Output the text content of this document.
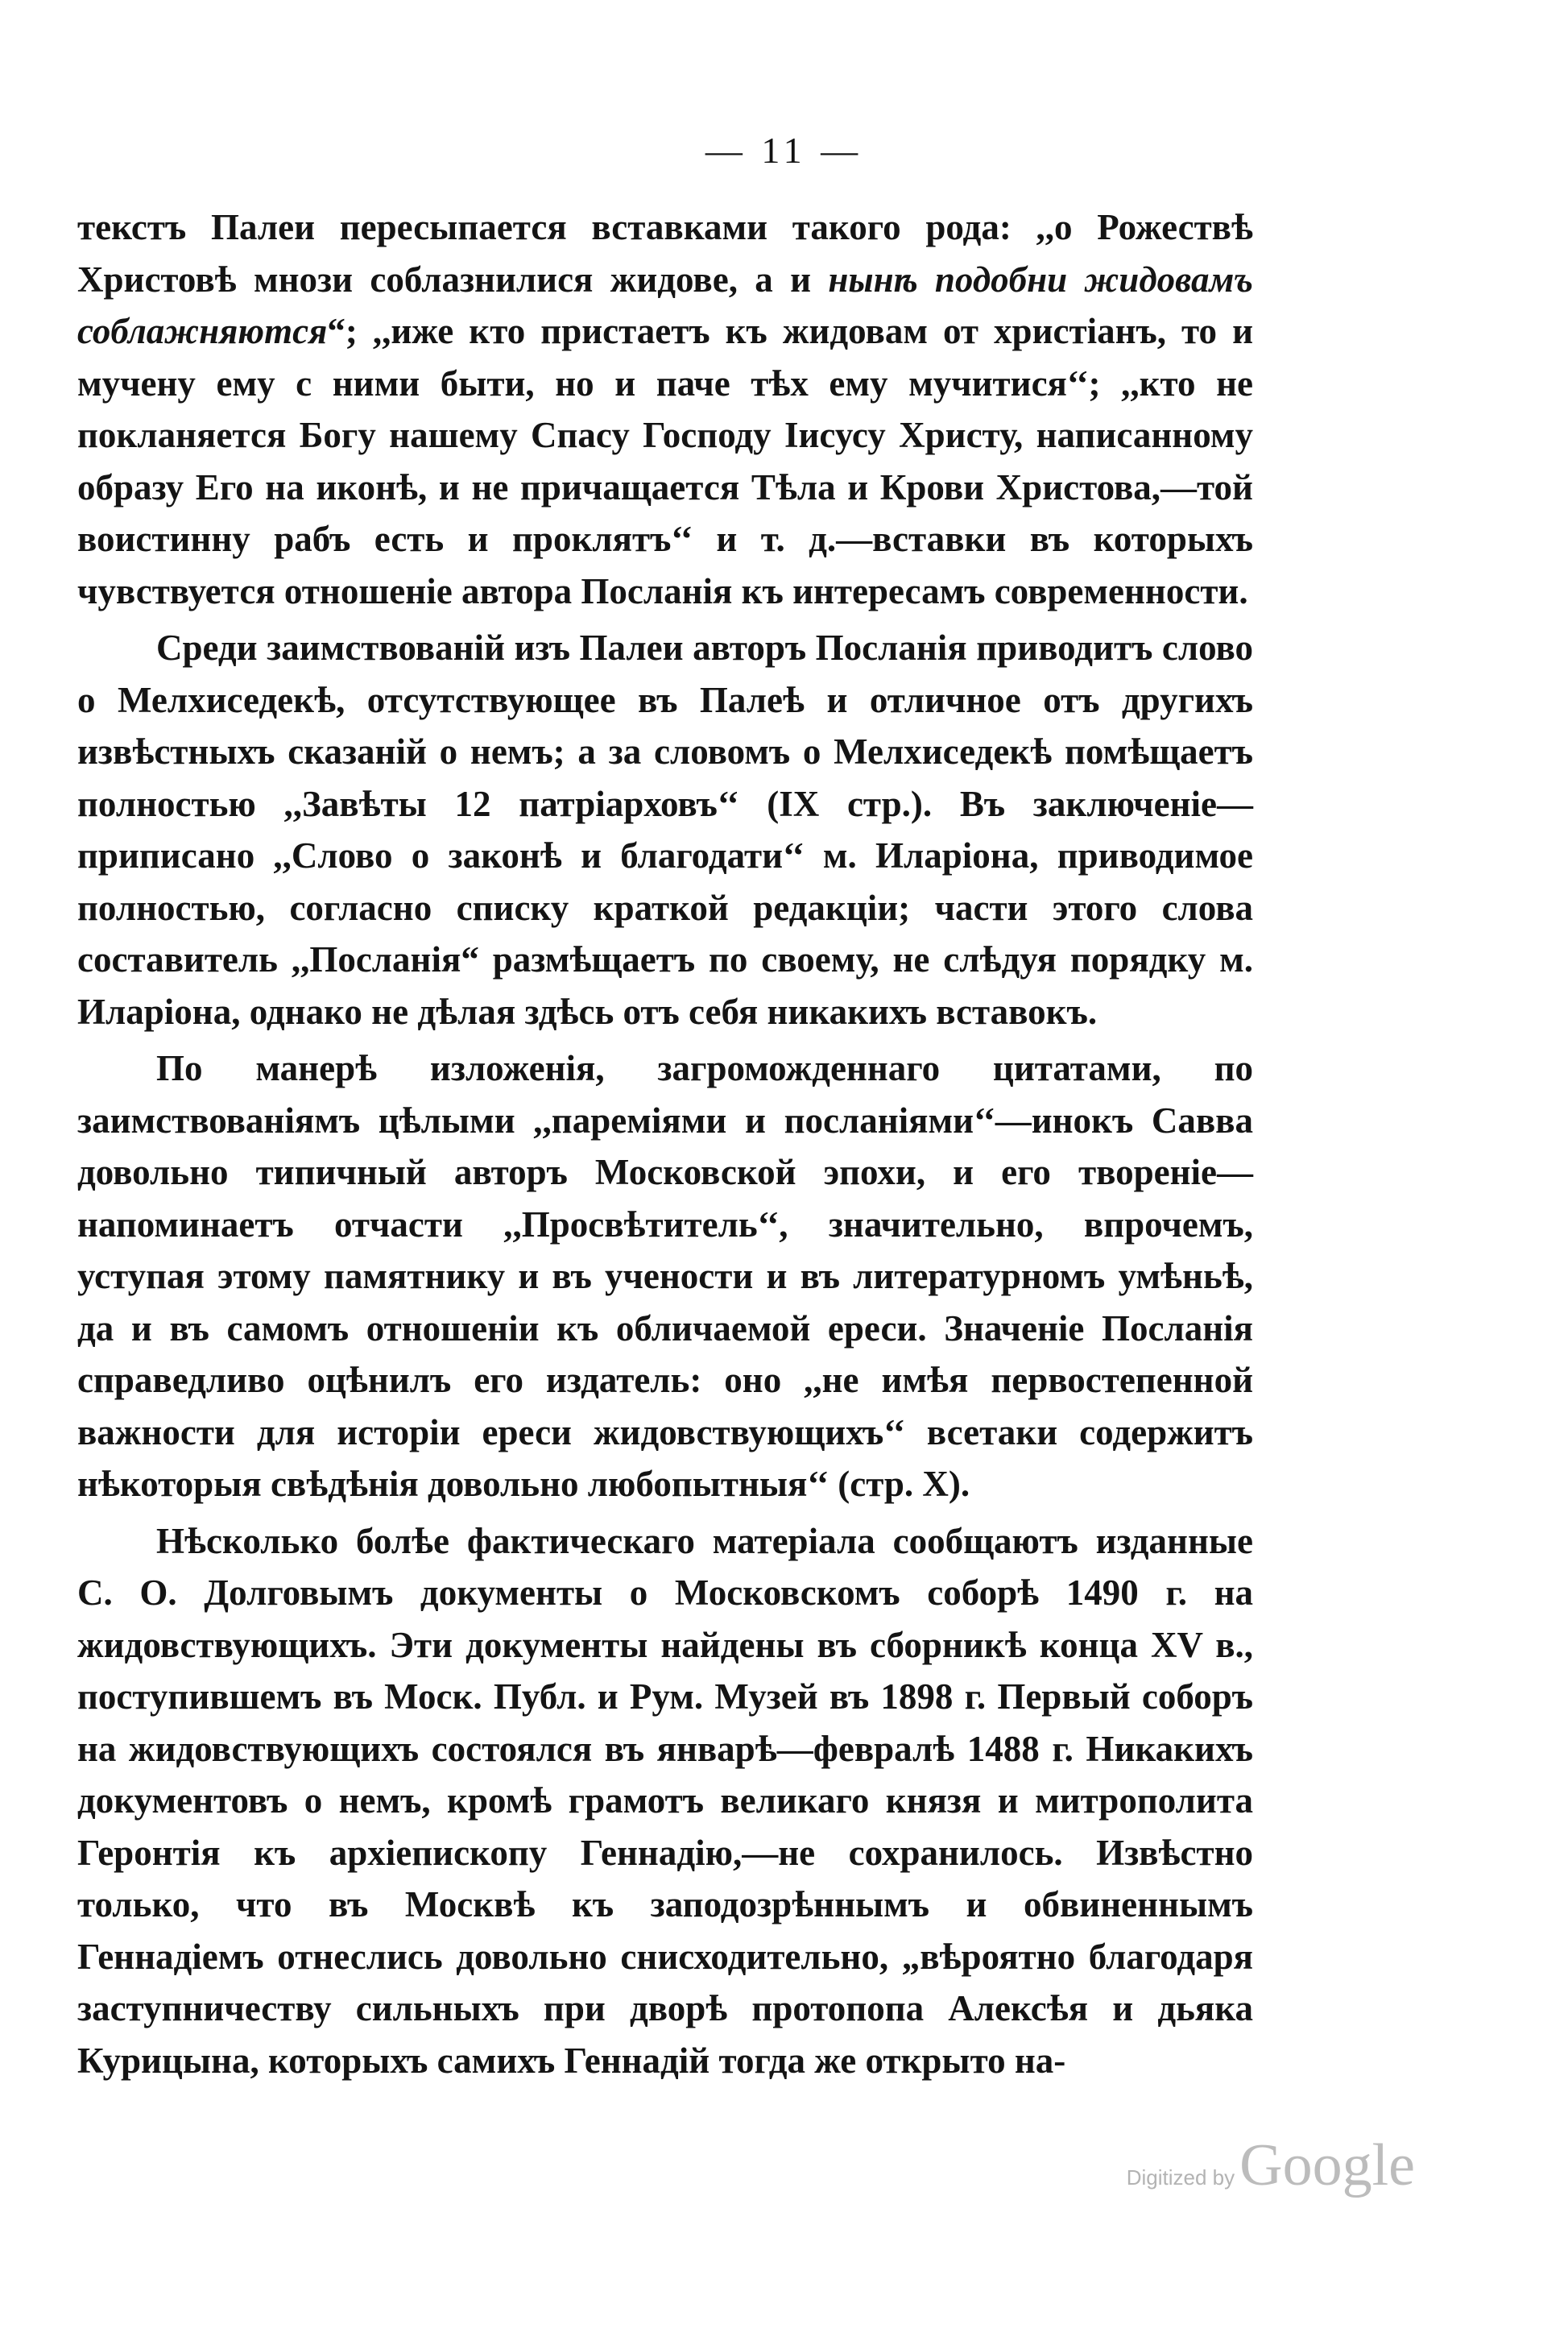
— 11 —

текстъ Палеи пересыпается вставками такого рода: ,,о Рожествѣ Христовѣ мнози соблазнилися жидове, а и нынѣ подобни жидовамъ соблажняются“; ,,иже кто пристаетъ къ жидовам от христіанъ, то и мучену ему с ними быти, но и паче тѣх ему мучитися‘‘; ,,кто не покланяется Богу нашему Спасу Господу Іисусу Христу, написанному образу Его на иконѣ, и не причащается Тѣла и Крови Христова,—той воистинну рабъ есть и проклятъ‘‘ и т. д.—вставки въ которыхъ чувствуется отношеніе автора Посланія къ интересамъ современности.

Среди заимствованій изъ Палеи авторъ Посланія приводитъ слово о Мелхиседекѣ, отсутствующее въ Палеѣ и отличное отъ другихъ извѣстныхъ сказаній о немъ; а за словомъ о Мелхиседекѣ помѣщаетъ полностью ,,Завѣты 12 патріарховъ‘‘ (IX стр.). Въ заключеніе—приписано ,,Слово о законѣ и благодати‘‘ м. Иларіона, приводимое полностью, согласно списку краткой редакціи; части этого слова составитель ,,Посланія“ размѣщаетъ по своему, не слѣдуя порядку м. Иларіона, однако не дѣлая здѣсь отъ себя никакихъ вставокъ.

По манерѣ изложенія, загроможденнаго цитатами, по заимствованіямъ цѣлыми ,,паремiями и посланіями‘‘—инокъ Савва довольно типичный авторъ Московской эпохи, и его твореніе—напоминаетъ отчасти ,,Просвѣтитель‘‘, значительно, впрочемъ, уступая этому памятнику и въ учености и въ литературномъ умѣньѣ, да и въ самомъ отношеніи къ обличаемой ереси. Значеніе Посланія справедливо оцѣнилъ его издатель: оно ,,не имѣя первостепенной важности для исторіи ереси жидовствующихъ‘‘ всетаки содержитъ нѣкоторыя свѣдѣнія довольно любопытныя‘‘ (стр. X).

Нѣсколько болѣе фактическаго матеріала сообщаютъ изданные С. О. Долговымъ документы о Московскомъ соборѣ 1490 г. на жидовствующихъ. Эти документы найдены въ сборникѣ конца XV в., поступившемъ въ Моск. Публ. и Рум. Музей въ 1898 г. Первый соборъ на жидовствующихъ состоялся въ январѣ—февралѣ 1488 г. Никакихъ документовъ о немъ, кромѣ грамотъ великаго князя и митрополита Геронтія къ архіепископу Геннадію,—не сохранилось. Извѣстно только, что въ Москвѣ къ заподозрѣннымъ и обвиненнымъ Геннадіемъ отнеслись довольно снисходительно, „вѣроятно благодаря заступничеству сильныхъ при дворѣ протопопа Алексѣя и дьяка Курицына, которыхъ самихъ Геннадій тогда же открыто на-

Digitized by Google
